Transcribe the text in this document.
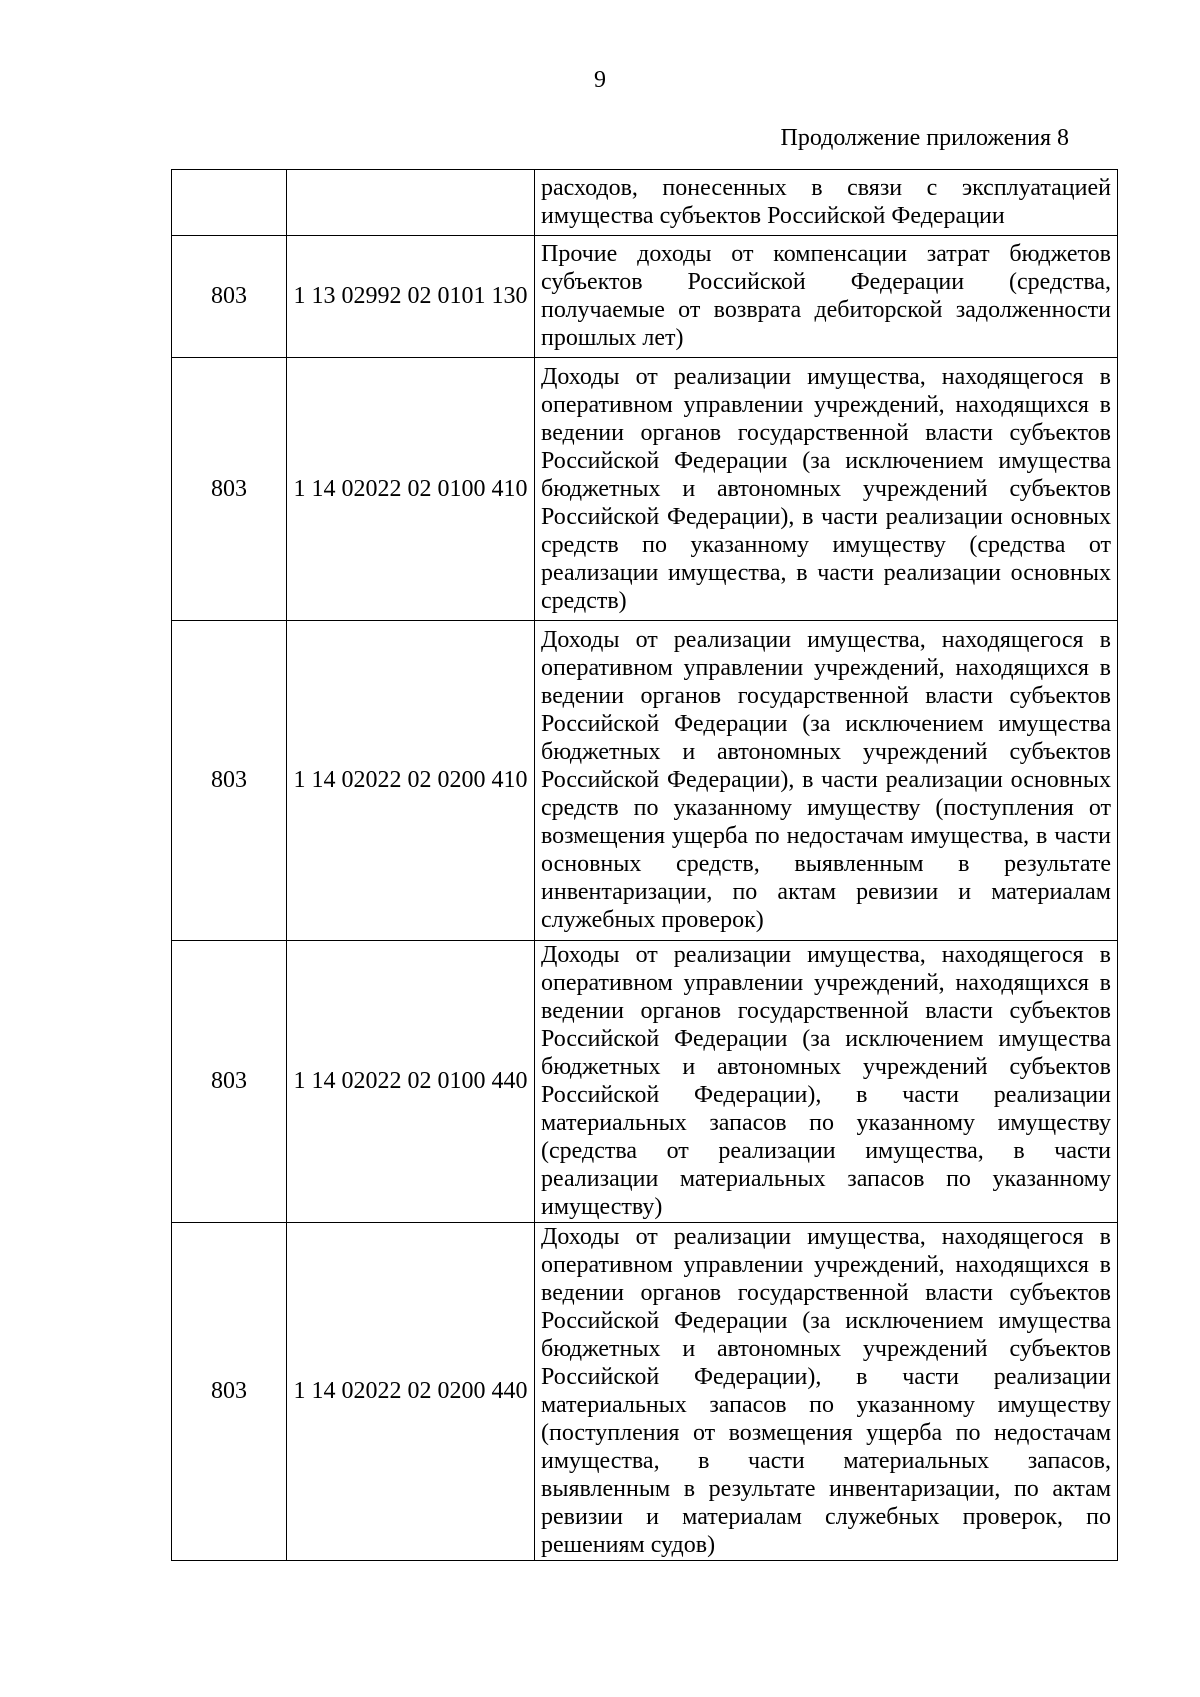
9
Продолжение приложения 8
		расходов, понесенных в связи с эксплуатацией имущества субъектов Российской Федерации
803	1 13 02992 02 0101 130	Прочие доходы от компенсации затрат бюджетов субъектов Российской Федерации (средства, получаемые от возврата дебиторской задолженности прошлых лет)
803	1 14 02022 02 0100 410	Доходы от реализации имущества, находящегося в оперативном управлении учреждений, находящихся в ведении органов государственной власти субъектов Российской Федерации (за исключением имущества бюджетных и автономных учреждений субъектов Российской Федерации), в части реализации основных средств по указанному имуществу (средства от реализации имущества, в части реализации основных средств)
803	1 14 02022 02 0200 410	Доходы от реализации имущества, находящегося в оперативном управлении учреждений, находящихся в ведении органов государственной власти субъектов Российской Федерации (за исключением имущества бюджетных и автономных учреждений субъектов Российской Федерации), в части реализации основных средств по указанному имуществу (поступления от возмещения ущерба по недостачам имущества, в части основных средств, выявленным в результате инвентаризации, по актам ревизии и материалам служебных проверок)
803	1 14 02022 02 0100 440	Доходы от реализации имущества, находящегося в оперативном управлении учреждений, находящихся в ведении органов государственной власти субъектов Российской Федерации (за исключением имущества бюджетных и автономных учреждений субъектов Российской Федерации), в части реализации материальных запасов по указанному имуществу (средства от реализации имущества, в части реализации материальных запасов по указанному имуществу)
803	1 14 02022 02 0200 440	Доходы от реализации имущества, находящегося в оперативном управлении учреждений, находящихся в ведении органов государственной власти субъектов Российской Федерации (за исключением имущества бюджетных и автономных учреждений субъектов Российской Федерации), в части реализации материальных запасов по указанному имуществу (поступления от возмещения ущерба по недостачам имущества, в части материальных запасов, выявленным в результате инвентаризации, по актам ревизии и материалам служебных проверок, по решениям судов)
